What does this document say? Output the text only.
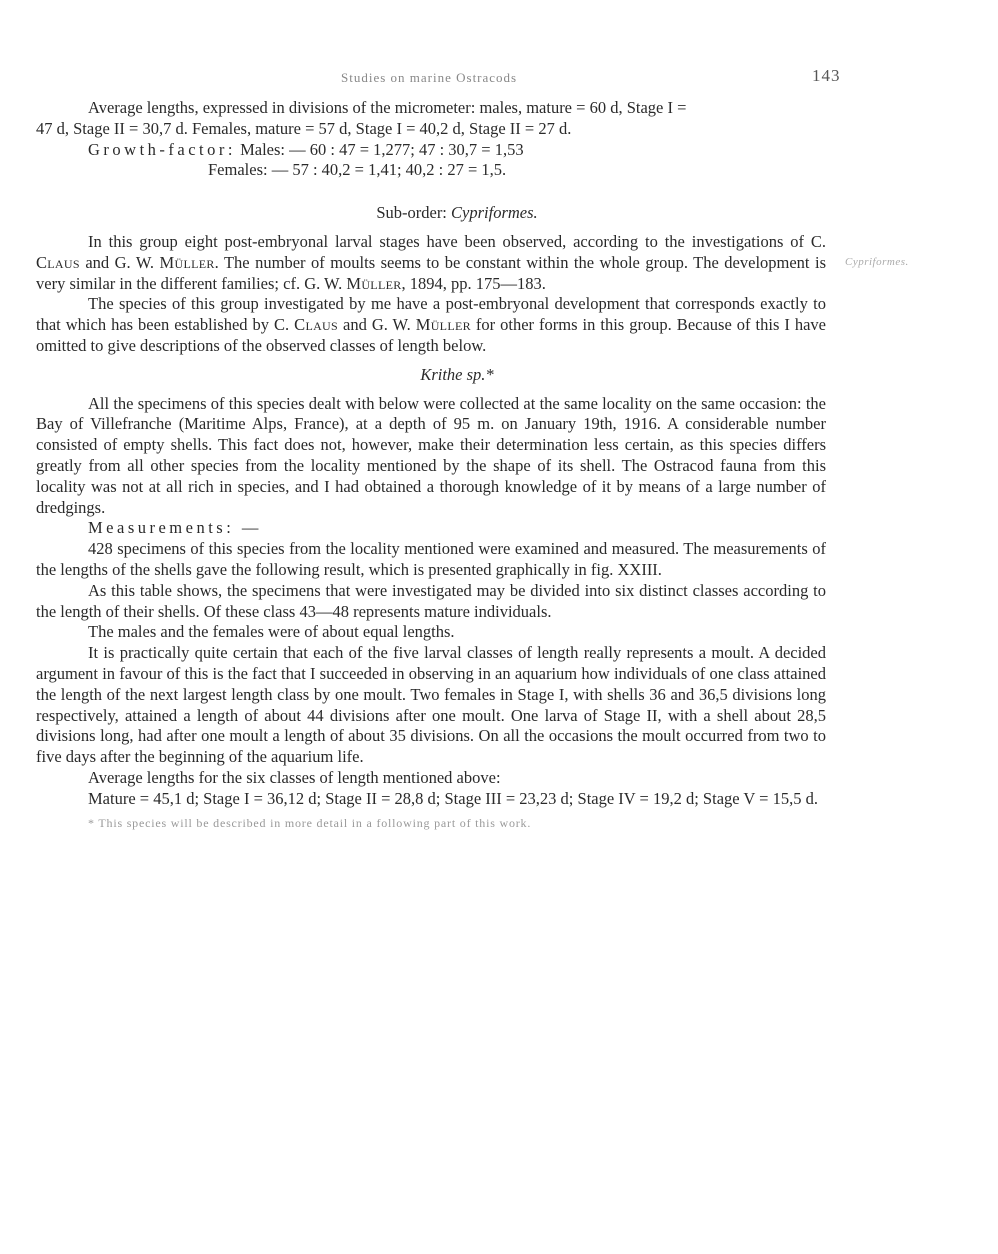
Studies on marine Ostracods	143
Cypriformes.

Average lengths, expressed in divisions of the micrometer: males, mature = 60 d, Stage I =

47 d, Stage II = 30,7 d. Females, mature = 57 d, Stage I = 40,2 d, Stage II = 27 d.

Growth-factor: Males: — 60 : 47 = 1,277; 47 : 30,7 = 1,53

Females: — 57 : 40,2 = 1,41; 40,2 : 27 = 1,5.

Sub-order: Cypriformes.

In this group eight post-embryonal larval stages have been observed, according to the investigations of C. Claus and G. W. Müller. The number of moults seems to be constant within the whole group. The development is very similar in the different families; cf. G. W. Müller, 1894, pp. 175—183.

The species of this group investigated by me have a post-embryonal development that corresponds exactly to that which has been established by C. Claus and G. W. Müller for other forms in this group. Because of this I have omitted to give descriptions of the observed classes of length below.

Krithe sp.*

All the specimens of this species dealt with below were collected at the same locality on the same occasion: the Bay of Villefranche (Maritime Alps, France), at a depth of 95 m. on January 19th, 1916. A considerable number consisted of empty shells. This fact does not, however, make their determination less certain, as this species differs greatly from all other species from the locality mentioned by the shape of its shell. The Ostracod fauna from this locality was not at all rich in species, and I had obtained a thorough knowledge of it by means of a large number of dredgings.

Measurements: —

428 specimens of this species from the locality mentioned were examined and measured. The measurements of the lengths of the shells gave the following result, which is presented graphically in fig. XXIII.

As this table shows, the specimens that were investigated may be divided into six distinct classes according to the length of their shells. Of these class 43—48 represents mature individuals.

The males and the females were of about equal lengths.

It is practically quite certain that each of the five larval classes of length really represents a moult. A decided argument in favour of this is the fact that I succeeded in observing in an aquarium how individuals of one class attained the length of the next largest length class by one moult. Two females in Stage I, with shells 36 and 36,5 divisions long respectively, attained a length of about 44 divisions after one moult. One larva of Stage II, with a shell about 28,5 divisions long, had after one moult a length of about 35 divisions. On all the occasions the moult occurred from two to five days after the beginning of the aquarium life.

Average lengths for the six classes of length mentioned above:

Mature = 45,1 d; Stage I = 36,12 d; Stage II = 28,8 d; Stage III = 23,23 d; Stage IV = 19,2 d; Stage V = 15,5 d.

* This species will be described in more detail in a following part of this work.
